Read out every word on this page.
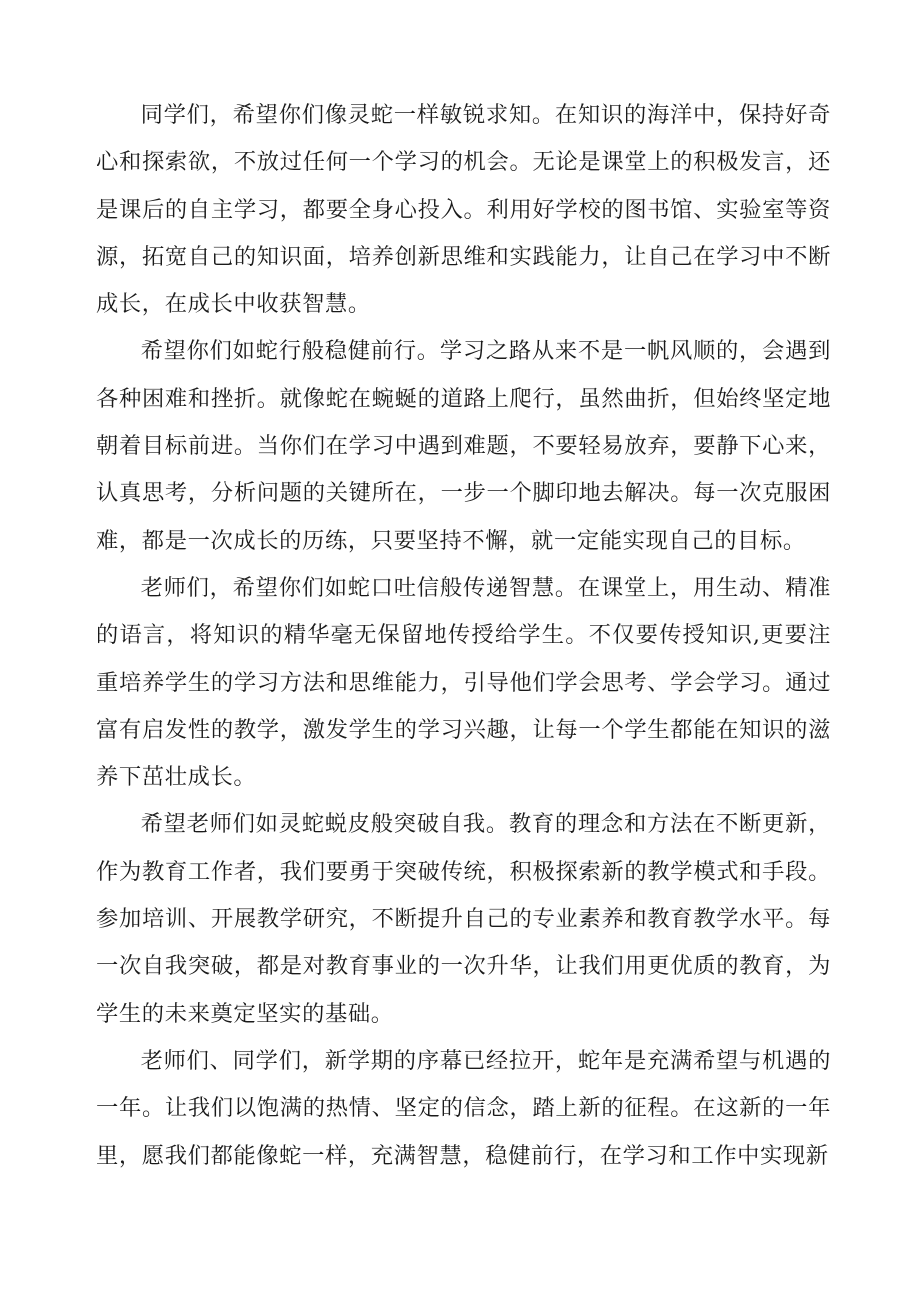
同学们，希望你们像灵蛇一样敏锐求知。在知识的海洋中，保持好奇心和探索欲，不放过任何一个学习的机会。无论是课堂上的积极发言，还是课后的自主学习，都要全身心投入。利用好学校的图书馆、实验室等资源，拓宽自己的知识面，培养创新思维和实践能力，让自己在学习中不断成长，在成长中收获智慧。

希望你们如蛇行般稳健前行。学习之路从来不是一帆风顺的，会遇到各种困难和挫折。就像蛇在蜿蜒的道路上爬行，虽然曲折，但始终坚定地朝着目标前进。当你们在学习中遇到难题，不要轻易放弃，要静下心来，认真思考，分析问题的关键所在，一步一个脚印地去解决。每一次克服困难，都是一次成长的历练，只要坚持不懈，就一定能实现自己的目标。

老师们，希望你们如蛇口吐信般传递智慧。在课堂上，用生动、精准的语言，将知识的精华毫无保留地传授给学生。不仅要传授知识,更要注重培养学生的学习方法和思维能力，引导他们学会思考、学会学习。通过富有启发性的教学，激发学生的学习兴趣，让每一个学生都能在知识的滋养下茁壮成长。

希望老师们如灵蛇蜕皮般突破自我。教育的理念和方法在不断更新，作为教育工作者，我们要勇于突破传统，积极探索新的教学模式和手段。参加培训、开展教学研究，不断提升自己的专业素养和教育教学水平。每一次自我突破，都是对教育事业的一次升华，让我们用更优质的教育，为学生的未来奠定坚实的基础。

老师们、同学们，新学期的序幕已经拉开，蛇年是充满希望与机遇的一年。让我们以饱满的热情、坚定的信念，踏上新的征程。在这新的一年里，愿我们都能像蛇一样，充满智慧，稳健前行，在学习和工作中实现新
